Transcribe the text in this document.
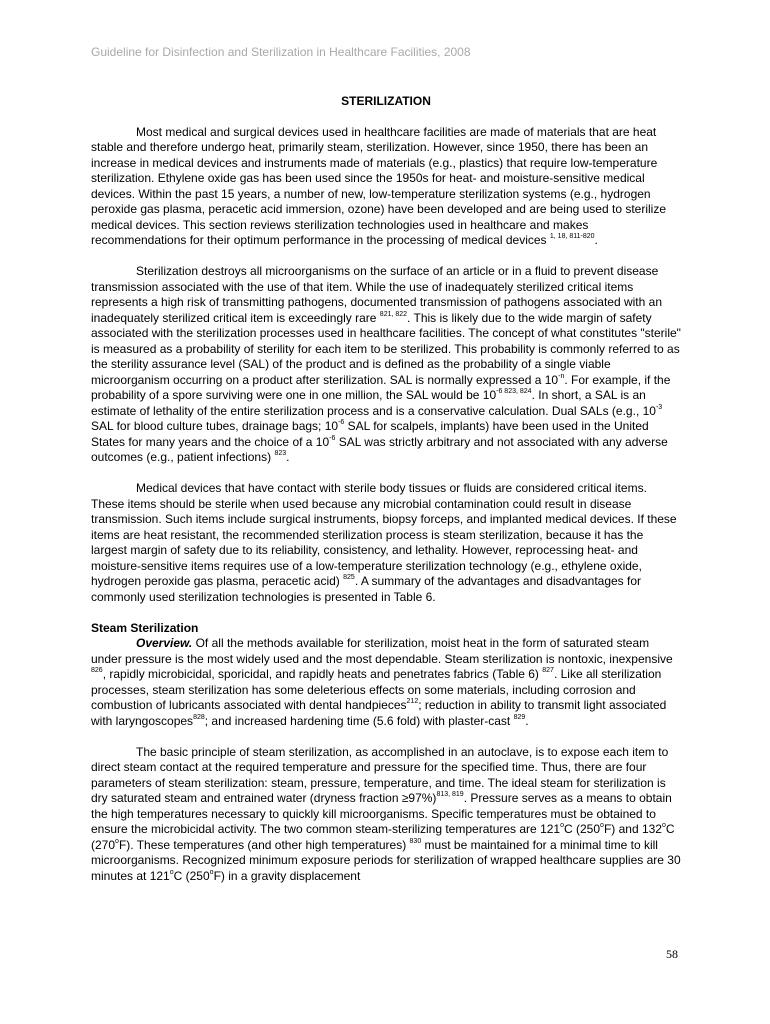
Guideline for Disinfection and Sterilization in Healthcare Facilities, 2008
STERILIZATION

Most medical and surgical devices used in healthcare facilities are made of materials that are heat stable and therefore undergo heat, primarily steam, sterilization. However, since 1950, there has been an increase in medical devices and instruments made of materials (e.g., plastics) that require low-temperature sterilization. Ethylene oxide gas has been used since the 1950s for heat- and moisture-sensitive medical devices. Within the past 15 years, a number of new, low-temperature sterilization systems (e.g., hydrogen peroxide gas plasma, peracetic acid immersion, ozone) have been developed and are being used to sterilize medical devices. This section reviews sterilization technologies used in healthcare and makes recommendations for their optimum performance in the processing of medical devices $^{1, 18, 811-820}$.

Sterilization destroys all microorganisms on the surface of an article or in a fluid to prevent disease transmission associated with the use of that item. While the use of inadequately sterilized critical items represents a high risk of transmitting pathogens, documented transmission of pathogens associated with an inadequately sterilized critical item is exceedingly rare $^{821, 822}$. This is likely due to the wide margin of safety associated with the sterilization processes used in healthcare facilities. The concept of what constitutes "sterile" is measured as a probability of sterility for each item to be sterilized. This probability is commonly referred to as the sterility assurance level (SAL) of the product and is defined as the probability of a single viable microorganism occurring on a product after sterilization. SAL is normally expressed a $10^{-n}$. For example, if the probability of a spore surviving were one in one million, the SAL would be $10^{-6}$ $^{823, 824}$. In short, a SAL is an estimate of lethality of the entire sterilization process and is a conservative calculation. Dual SALs (e.g., $10^{-3}$ SAL for blood culture tubes, drainage bags; $10^{-6}$ SAL for scalpels, implants) have been used in the United States for many years and the choice of a $10^{-6}$ SAL was strictly arbitrary and not associated with any adverse outcomes (e.g., patient infections) $^{823}$.

Medical devices that have contact with sterile body tissues or fluids are considered critical items. These items should be sterile when used because any microbial contamination could result in disease transmission. Such items include surgical instruments, biopsy forceps, and implanted medical devices. If these items are heat resistant, the recommended sterilization process is steam sterilization, because it has the largest margin of safety due to its reliability, consistency, and lethality. However, reprocessing heat- and moisture-sensitive items requires use of a low-temperature sterilization technology (e.g., ethylene oxide, hydrogen peroxide gas plasma, peracetic acid) $^{825}$. A summary of the advantages and disadvantages for commonly used sterilization technologies is presented in Table 6.

Steam Sterilization

Overview. Of all the methods available for sterilization, moist heat in the form of saturated steam under pressure is the most widely used and the most dependable. Steam sterilization is nontoxic, inexpensive $^{826}$, rapidly microbicidal, sporicidal, and rapidly heats and penetrates fabrics (Table 6) $^{827}$. Like all sterilization processes, steam sterilization has some deleterious effects on some materials, including corrosion and combustion of lubricants associated with dental handpieces$^{212}$; reduction in ability to transmit light associated with laryngoscopes$^{828}$; and increased hardening time (5.6 fold) with plaster-cast $^{829}$.

The basic principle of steam sterilization, as accomplished in an autoclave, is to expose each item to direct steam contact at the required temperature and pressure for the specified time. Thus, there are four parameters of steam sterilization: steam, pressure, temperature, and time. The ideal steam for sterilization is dry saturated steam and entrained water (dryness fraction ≥97%)$^{813, 819}$. Pressure serves as a means to obtain the high temperatures necessary to quickly kill microorganisms. Specific temperatures must be obtained to ensure the microbicidal activity. The two common steam-sterilizing temperatures are 121$^o$C (250$^o$F) and 132$^o$C (270$^o$F). These temperatures (and other high temperatures) $^{830}$ must be maintained for a minimal time to kill microorganisms. Recognized minimum exposure periods for sterilization of wrapped healthcare supplies are 30 minutes at 121$^o$C (250$^o$F) in a gravity displacement

58
